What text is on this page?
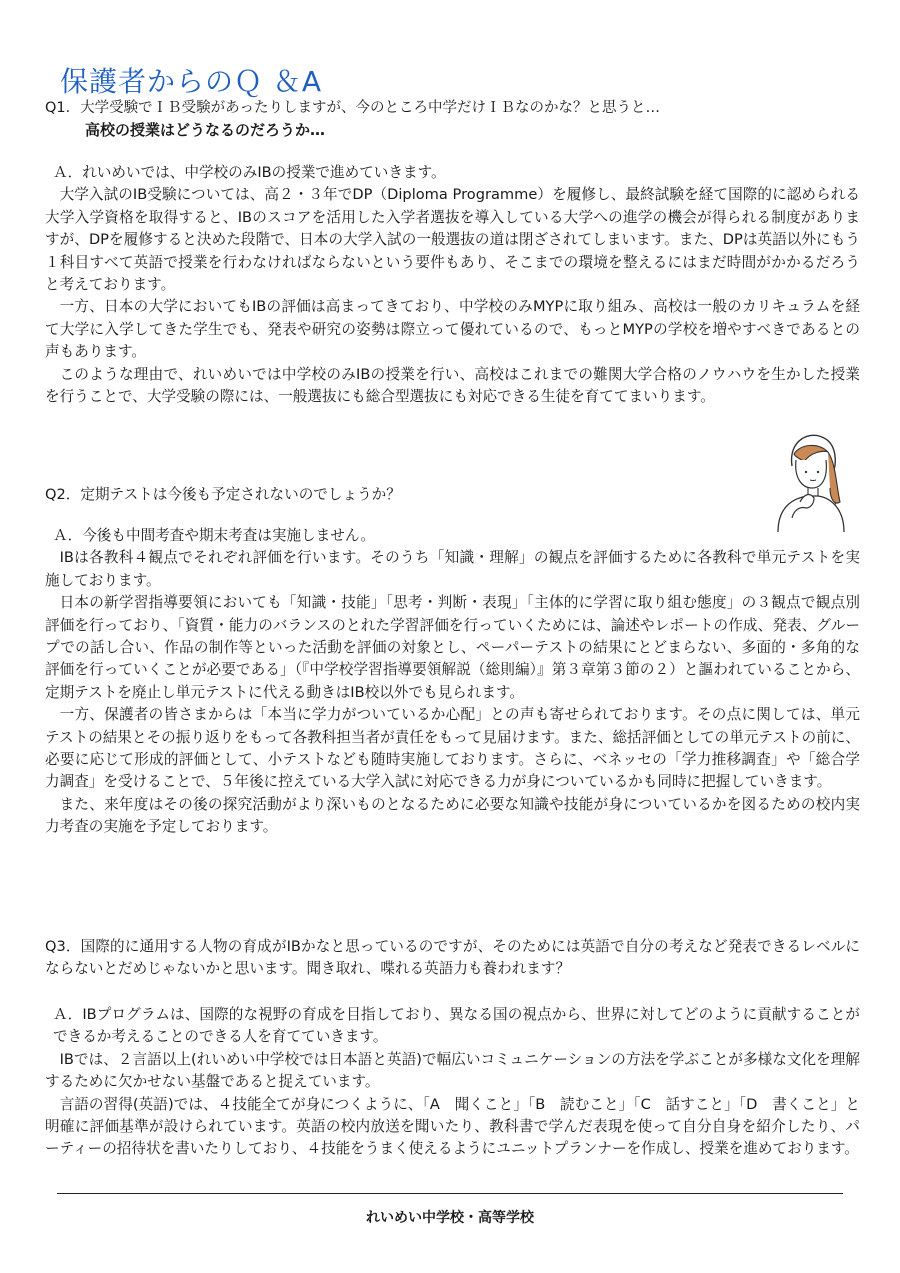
保護者からのＱ ＆A
Q1．大学受験でＩＢ受験があったりしますが、今のところ中学だけＩＢなのかな？と思うと…
高校の授業はどうなるのだろうか…

Ａ．れいめいでは、中学校のみIBの授業で進めていきます。

大学入試のIB受験については、高２・３年でDP（Diploma Programme）を履修し、最終試験を経て国際的に認められる大学入学資格を取得すると、IBのスコアを活用した入学者選抜を導入している大学への進学の機会が得られる制度がありますが、DPを履修すると決めた段階で、日本の大学入試の一般選抜の道は閉ざされてしまいます。また、DPは英語以外にもう１科目すべて英語で授業を行わなければならないという要件もあり、そこまでの環境を整えるにはまだ時間がかかるだろうと考えております。

一方、日本の大学においてもIBの評価は高まってきており、中学校のみMYPに取り組み、高校は一般のカリキュラムを経て大学に入学してきた学生でも、発表や研究の姿勢は際立って優れているので、もっとMYPの学校を増やすべきであるとの声もあります。

このような理由で、れいめいでは中学校のみIBの授業を行い、高校はこれまでの難関大学合格のノウハウを生かした授業を行うことで、大学受験の際には、一般選抜にも総合型選抜にも対応できる生徒を育ててまいります。

Q2．定期テストは今後も予定されないのでしょうか？

Ａ．今後も中間考査や期末考査は実施しません。

IBは各教科４観点でそれぞれ評価を行います。そのうち「知識・理解」の観点を評価するために各教科で単元テストを実施しております。

日本の新学習指導要領においても「知識・技能」「思考・判断・表現」「主体的に学習に取り組む態度」の３観点で観点別評価を行っており、「資質・能力のバランスのとれた学習評価を行っていくためには、論述やレポートの作成、発表、グループでの話し合い、作品の制作等といった活動を評価の対象とし、ペーパーテストの結果にとどまらない、多面的・多角的な評価を行っていくことが必要である」（『中学校学習指導要領解説（総則編）』第３章第３節の２）と謳われていることから、定期テストを廃止し単元テストに代える動きはIB校以外でも見られます。

一方、保護者の皆さまからは「本当に学力がついているか心配」との声も寄せられております。その点に関しては、単元テストの結果とその振り返りをもって各教科担当者が責任をもって見届けます。また、総括評価としての単元テストの前に、必要に応じて形成的評価として、小テストなども随時実施しております。さらに、ベネッセの「学力推移調査」や「総合学力調査」を受けることで、５年後に控えている大学入試に対応できる力が身についているかも同時に把握していきます。

また、来年度はその後の探究活動がより深いものとなるために必要な知識や技能が身についているかを図るための校内実力考査の実施を予定しております。

Q3．国際的に通用する人物の育成がIBかなと思っているのですが、そのためには英語で自分の考えなど発表できるレベルにならないとだめじゃないかと思います。聞き取れ、喋れる英語力も養われます？

Ａ．IBプログラムは、国際的な視野の育成を目指しており、異なる国の視点から、世界に対してどのように貢献することができるか考えることのできる人を育てていきます。

IBでは、２言語以上(れいめい中学校では日本語と英語)で幅広いコミュニケーションの方法を学ぶことが多様な文化を理解するために欠かせない基盤であると捉えています。

言語の習得(英語)では、４技能全てが身につくように、「A　聞くこと」「B　読むこと」「C　話すこと」「D　書くこと」と明確に評価基準が設けられています。英語の校内放送を聞いたり、教科書で学んだ表現を使って自分自身を紹介したり、パーティーの招待状を書いたりしており、４技能をうまく使えるようにユニットプランナーを作成し、授業を進めております。

れいめい中学校・高等学校
